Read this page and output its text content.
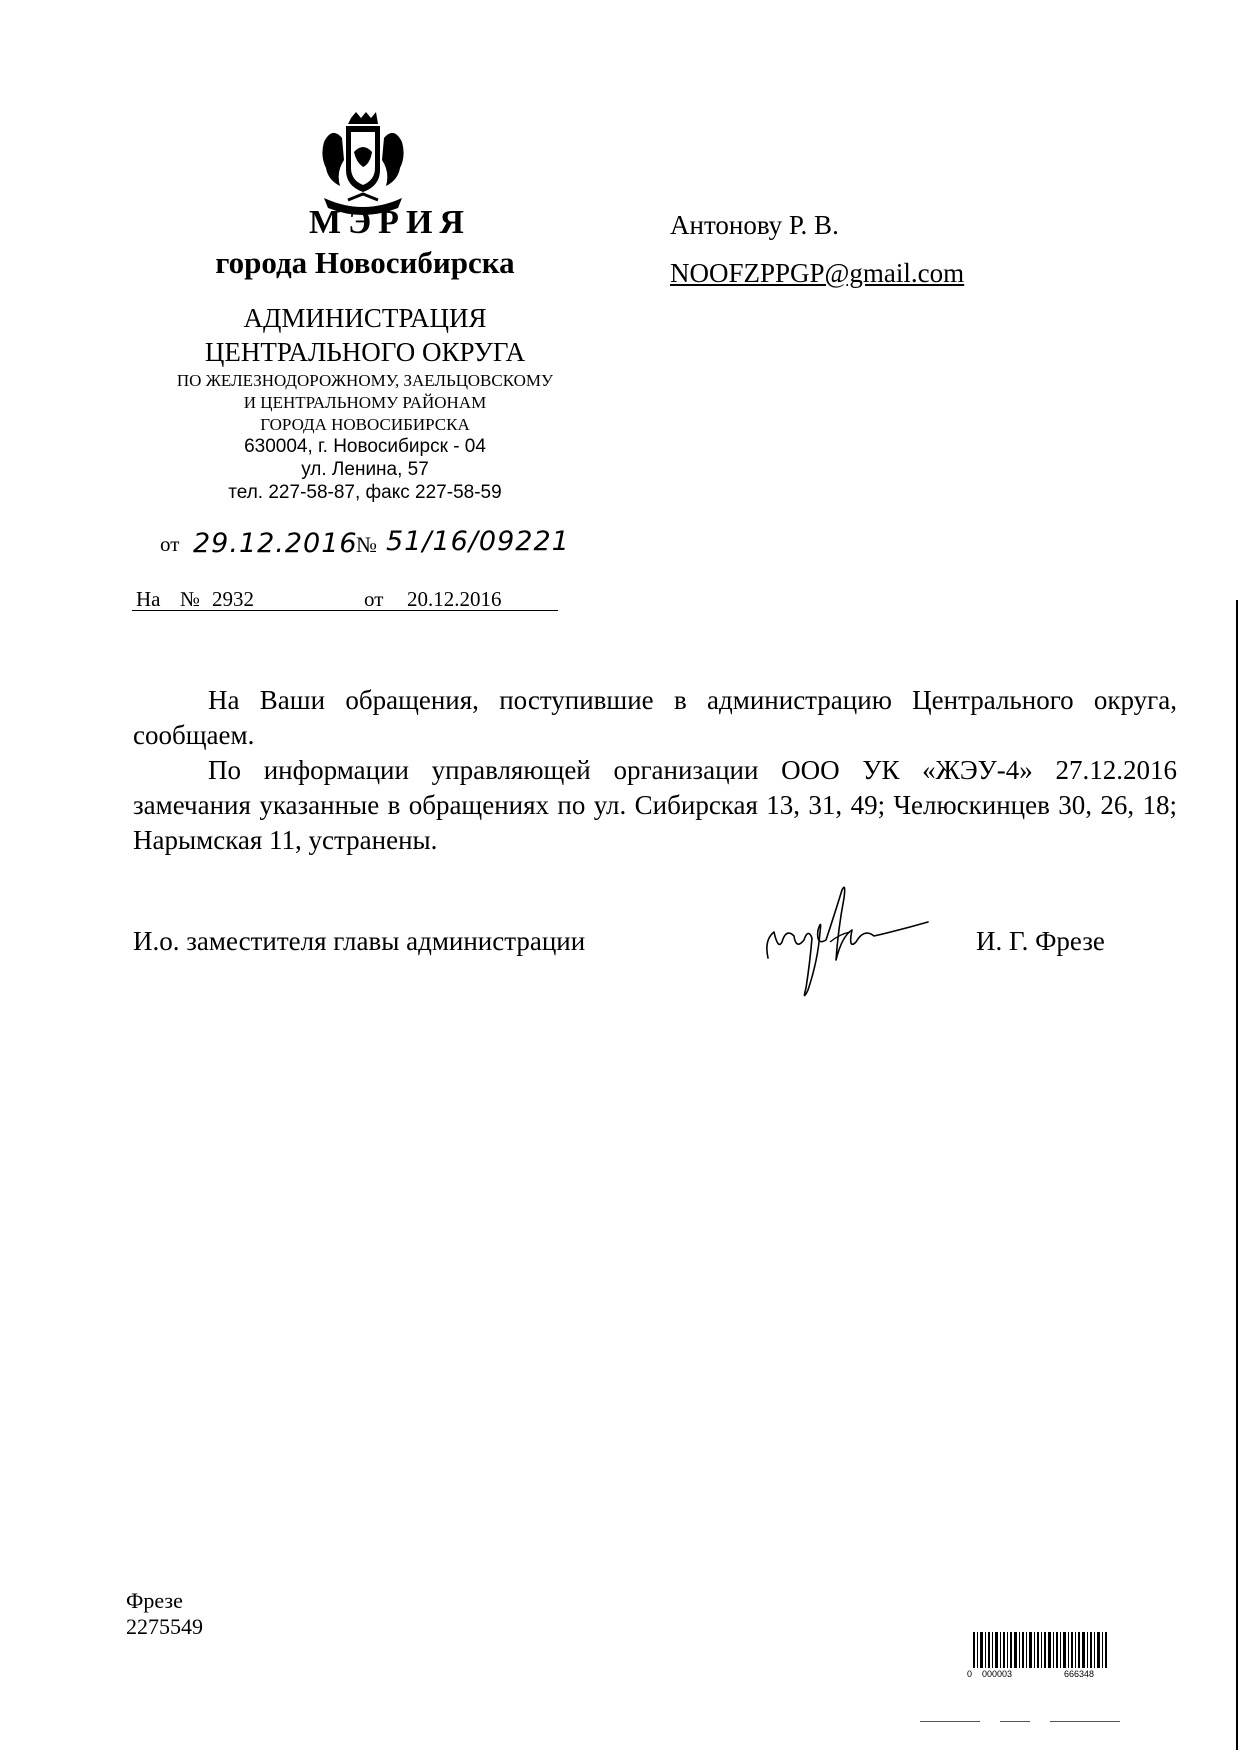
МЭРИЯ
города Новосибирска
АДМИНИСТРАЦИЯ
ЦЕНТРАЛЬНОГО ОКРУГА
ПО ЖЕЛЕЗНОДОРОЖНОМУ, ЗАЕЛЬЦОВСКОМУ
И ЦЕНТРАЛЬНОМУ РАЙОНАМ
ГОРОДА НОВОСИБИРСКА
630004, г. Новосибирск - 04
ул. Ленина, 57
тел. 227-58-87, факс 227-58-59
от 29.12.2016
№ 51/16/09221
На № 2932	от 20.12.2016
Антонову Р. В.
NOOFZPPGP@gmail.com
На Ваши обращения, поступившие в администрацию Центрального округа, сообщаем.
По информации управляющей организации ООО УК «ЖЭУ-4» 27.12.2016 замечания указанные в обращениях по ул. Сибирская 13, 31, 49; Челюскинцев 30, 26, 18; Нарымская 11, устранены.
И.о. заместителя главы администрации	И. Г. Фрезе
Фрезе
2275549
0 000003	666348
